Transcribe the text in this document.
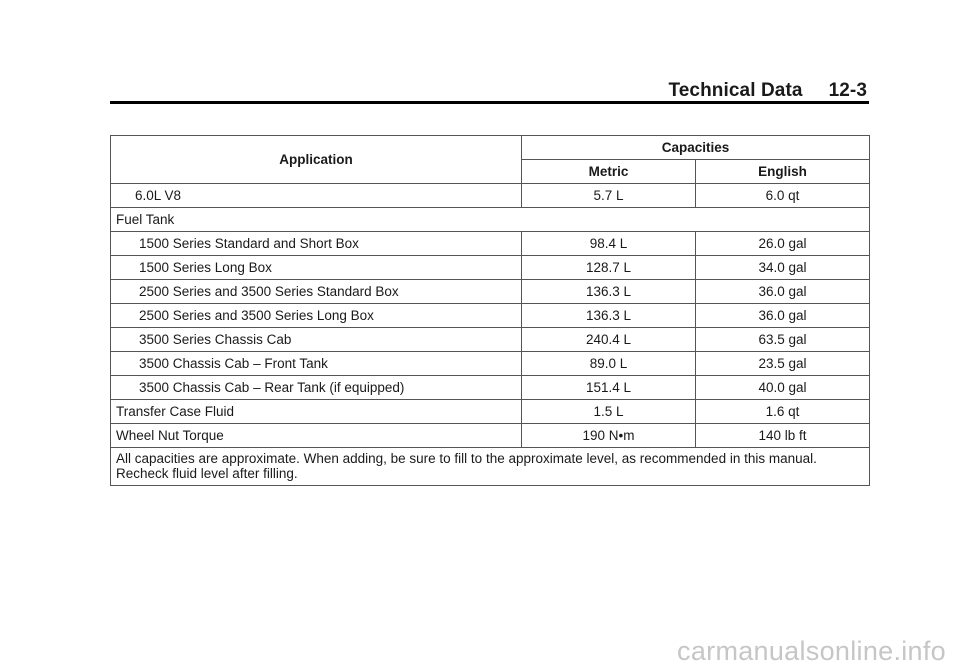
Technical Data 12-3
Application	Capacities	
	Metric	English
6.0L V8	5.7 L	6.0 qt
Fuel Tank		
1500 Series Standard and Short Box	98.4 L	26.0 gal
1500 Series Long Box	128.7 L	34.0 gal
2500 Series and 3500 Series Standard Box	136.3 L	36.0 gal
2500 Series and 3500 Series Long Box	136.3 L	36.0 gal
3500 Series Chassis Cab	240.4 L	63.5 gal
3500 Chassis Cab – Front Tank	89.0 L	23.5 gal
3500 Chassis Cab – Rear Tank (if equipped)	151.4 L	40.0 gal
Transfer Case Fluid	1.5 L	1.6 qt
Wheel Nut Torque	190 N•m	140 lb ft
All capacities are approximate. When adding, be sure to fill to the approximate level, as recommended in this manual. Recheck fluid level after filling.		
carmanualsonline.info
